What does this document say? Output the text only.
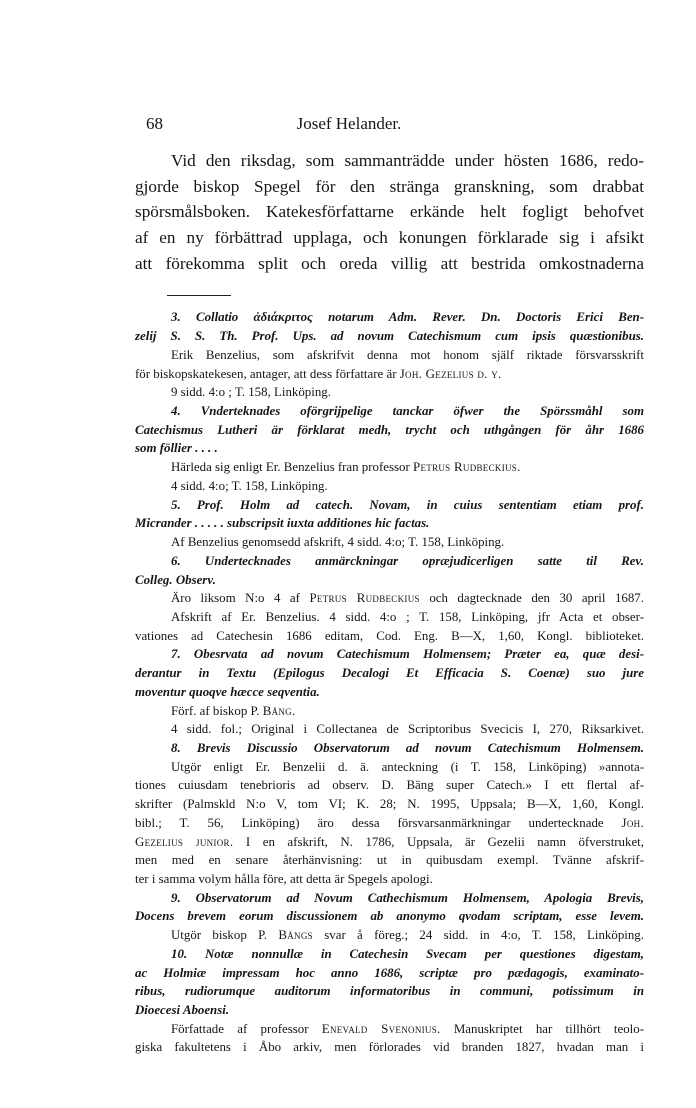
68	Josef Helander.
Vid den riksdag, som sammanträdde under hösten 1686, redo-
gjorde biskop Spegel för den stränga granskning, som drabbat
spörsmålsboken. Katekesförfattarne erkände helt fogligt behofvet
af en ny förbättrad upplaga, och konungen förklarade sig i afsikt
att förekomma split och oreda villig att bestrida omkostnaderna
3. Collatio ἀδιάκριτος notarum Adm. Rever. Dn. Doctoris Erici Ben-
zelij S. S. Th. Prof. Ups. ad novum Catechismum cum ipsis quæstionibus.
Erik Benzelius, som afskrifvit denna mot honom själf riktade försvarsskrift
för biskopskatekesen, antager, att dess författare är Joh. Gezelius d. y.
9 sidd. 4:o ; T. 158, Linköping.
4. Vnderteknades oförgrijpelige tanckar öfwer the Spörssmåhl som
Catechismus Lutheri är förklarat medh, trycht och uthgången för åhr 1686
som föllier . . . .
Härleda sig enligt Er. Benzelius fran professor Petrus Rudbeckius.
4 sidd. 4:o; T. 158, Linköping.
5. Prof. Holm ad catech. Novam, in cuius sententiam etiam prof.
Micrander . . . . . subscripsit iuxta additiones hic factas.
Af Benzelius genomsedd afskrift, 4 sidd. 4:o; T. 158, Linköping.
6. Undertecknades anmärckningar opræjudicerligen satte til Rev.
Colleg. Observ.
Äro liksom N:o 4 af Petrus Rudbeckius och dagtecknade den 30 april 1687.
Afskrift af Er. Benzelius. 4 sidd. 4:o ; T. 158, Linköping, jfr Acta et obser-
vationes ad Catechesin 1686 editam, Cod. Eng. B—X, 1,60, Kongl. biblioteket.
7. Obesrvata ad novum Catechismum Holmensem; Præter ea, quæ desi-
derantur in Textu (Epilogus Decalogi Et Efficacia S. Coenæ) suo jure
moventur quoqve hæcce seqventia.
Förf. af biskop P. Bång.
4 sidd. fol.; Original i Collectanea de Scriptoribus Svecicis I, 270, Riksarkivet.
8. Brevis Discussio Observatorum ad novum Catechismum Holmensem.
Utgör enligt Er. Benzelii d. ä. anteckning (i T. 158, Linköping) »annota-
tiones cuiusdam tenebrioris ad observ. D. Bäng super Catech.» I ett flertal af-
skrifter (Palmskld N:o V, tom VI; K. 28; N. 1995, Uppsala; B—X, 1,60, Kongl.
bibl.; T. 56, Linköping) äro dessa försvarsanmärkningar undertecknade Joh.
Gezelius junior. I en afskrift, N. 1786, Uppsala, är Gezelii namn öfverstruket,
men med en senare återhänvisning: ut in quibusdam exempl. Tvänne afskrif-
ter i samma volym hålla före, att detta är Spegels apologi.
9. Observatorum ad Novum Cathechismum Holmensem, Apologia Brevis,
Docens brevem eorum discussionem ab anonymo qvodam scriptam, esse levem.
Utgör biskop P. Bångs svar å föreg.; 24 sidd. in 4:o, T. 158, Linköping.
10. Notæ nonnullæ in Catechesin Svecam per questiones digestam,
ac Holmiæ impressam hoc anno 1686, scriptæ pro pædagogis, examinato-
ribus, rudiorumque auditorum informatoribus in communi, potissimum in
Dioecesi Aboensi.
Författade af professor Enevald Svenonius. Manuskriptet har tillhört teolo-
giska fakultetens i Åbo arkiv, men förlorades vid branden 1827, hvadan man i
